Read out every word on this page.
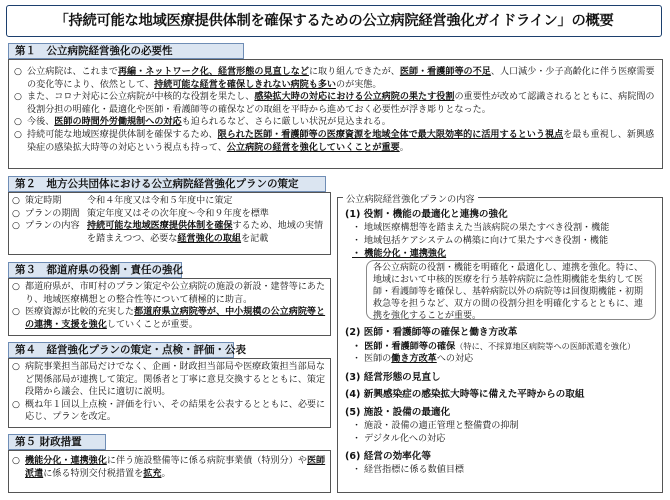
「持続可能な地域医療提供体制を確保するための公立病院経営強化ガイドライン」の概要
第１　公立病院経営強化の必要性
○ 公立病院は、これまで再編・ネットワーク化、経営形態の見直しなどに取り組んできたが、医師・看護師等の不足、人口減少・少子高齢化に伴う医療需要の変化等により、依然として、持続可能な経営を確保しきれない病院も多いのが実態。
○ また、コロナ対応に公立病院が中核的な役割を果たし、感染拡大時の対応における公立病院の果たす役割の重要性が改めて認識されるとともに、病院間の役割分担の明確化・最適化や医師・看護師等の確保などの取組を平時から進めておく必要性が浮き彫りとなった。
○ 今後、医師の時間外労働規制への対応も迫られるなど、さらに厳しい状況が見込まれる。
○ 持続可能な地域医療提供体制を確保するため、限られた医師・看護師等の医療資源を地域全体で最大限効率的に活用するという視点を最も重視し、新興感染症の感染拡大時等の対応という視点も持って、公立病院の経営を強化していくことが重要。
第２　地方公共団体における公立病院経営強化プランの策定
○ 策定時期	令和４年度又は令和５年度中に策定
○ プランの期間 策定年度又はその次年度～令和９年度を標準
○ プランの内容 持続可能な地域医療提供体制を確保するため、地域の実情を踏まえつつ、必要な経営強化の取組を記載
第３　都道府県の役割・責任の強化
○ 都道府県が、市町村のプラン策定や公立病院の施設の新設・建替等にあたり、地域医療構想との整合性等について積極的に助言。
○ 医療資源が比較的充実した都道府県立病院等が、中小規模の公立病院等との連携・支援を強化していくことが重要。
第４　経営強化プランの策定・点検・評価・公表
○ 病院事業担当部局だけでなく、企画・財政担当部局や医療政策担当部局など関係部局が連携して策定。関係者と丁寧に意見交換するとともに、策定段階から議会、住民に適切に説明。
○ 概ね年１回以上点検・評価を行い、その結果を公表するとともに、必要に応じ、プランを改定。
第５ 財政措置
○ 機能分化・連携強化に伴う施設整備等に係る病院事業債（特別分）や医師派遣に係る特別交付税措置を拡充。
公立病院経営強化プランの内容
(1) 役割・機能の最適化と連携の強化
・ 地域医療構想等を踏まえた当該病院の果たすべき役割・機能
・ 地域包括ケアシステムの構築に向けて果たすべき役割・機能
・ 機能分化・連携強化
各公立病院の役割・機能を明確化・最適化し、連携を強化。特に、地域において中核的医療を行う基幹病院に急性期機能を集約して医師・看護師等を確保し、基幹病院以外の病院等は回復期機能・初期救急等を担うなど、双方の間の役割分担を明確化するとともに、連携を強化することが重要。
(2) 医師・看護師等の確保と働き方改革
・ 医師・看護師等の確保（特に、不採算地区病院等への医師派遣を強化）
・ 医師の働き方改革への対応
(3) 経営形態の見直し
(4) 新興感染症の感染拡大時等に備えた平時からの取組
(5) 施設・設備の最適化
・ 施設・設備の適正管理と整備費の抑制
・ デジタル化への対応
(6) 経営の効率化等
・ 経営指標に係る数値目標
